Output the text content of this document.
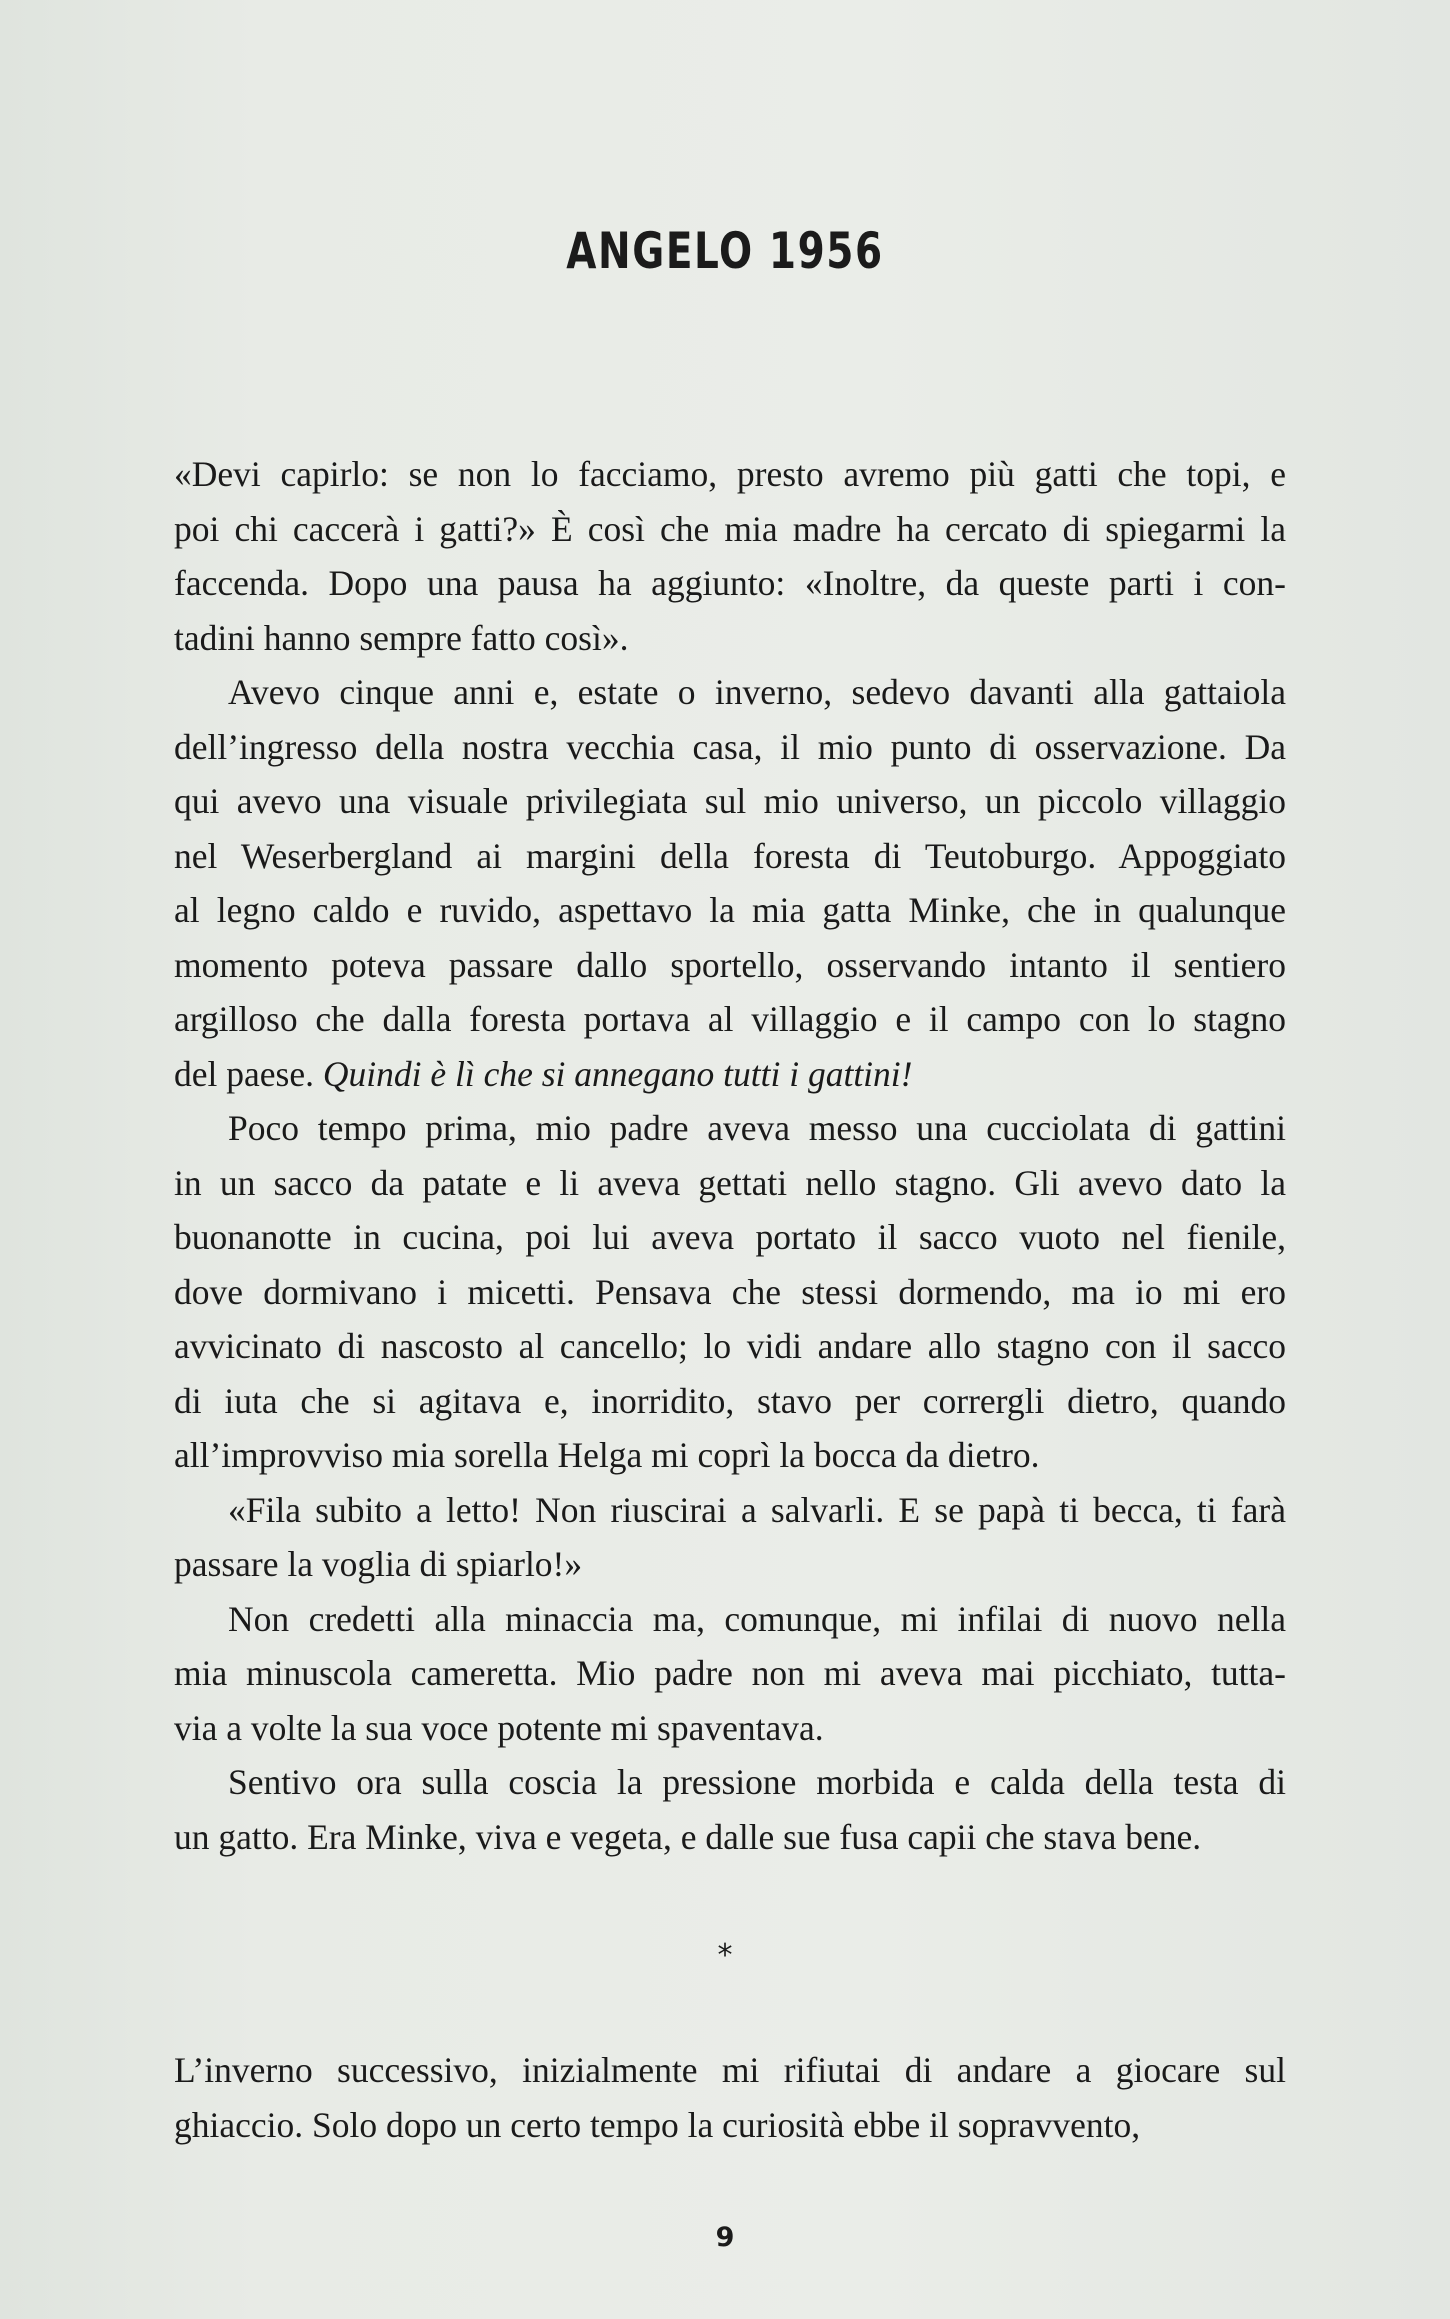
ANGELO 1956

«Devi capirlo: se non lo facciamo, presto avremo più gatti che topi, e
poi chi caccerà i gatti?» È così che mia madre ha cercato di spiegarmi la
faccenda. Dopo una pausa ha aggiunto: «Inoltre, da queste parti i con-
tadini hanno sempre fatto così».

Avevo cinque anni e, estate o inverno, sedevo davanti alla gattaiola
dell’ingresso della nostra vecchia casa, il mio punto di osservazione. Da
qui avevo una visuale privilegiata sul mio universo, un piccolo villaggio
nel Weserbergland ai margini della foresta di Teutoburgo. Appoggiato
al legno caldo e ruvido, aspettavo la mia gatta Minke, che in qualunque
momento poteva passare dallo sportello, osservando intanto il sentiero
argilloso che dalla foresta portava al villaggio e il campo con lo stagno
del paese. Quindi è lì che si annegano tutti i gattini!

Poco tempo prima, mio padre aveva messo una cucciolata di gattini
in un sacco da patate e li aveva gettati nello stagno. Gli avevo dato la
buonanotte in cucina, poi lui aveva portato il sacco vuoto nel fienile,
dove dormivano i micetti. Pensava che stessi dormendo, ma io mi ero
avvicinato di nascosto al cancello; lo vidi andare allo stagno con il sacco
di iuta che si agitava e, inorridito, stavo per corrergli dietro, quando
all’improvviso mia sorella Helga mi coprì la bocca da dietro.

«Fila subito a letto! Non riuscirai a salvarli. E se papà ti becca, ti farà
passare la voglia di spiarlo!»

Non credetti alla minaccia ma, comunque, mi infilai di nuovo nella
mia minuscola cameretta. Mio padre non mi aveva mai picchiato, tutta-
via a volte la sua voce potente mi spaventava.

Sentivo ora sulla coscia la pressione morbida e calda della testa di
un gatto. Era Minke, viva e vegeta, e dalle sue fusa capii che stava bene.

*

L’inverno successivo, inizialmente mi rifiutai di andare a giocare sul
ghiaccio. Solo dopo un certo tempo la curiosità ebbe il sopravvento,

9
